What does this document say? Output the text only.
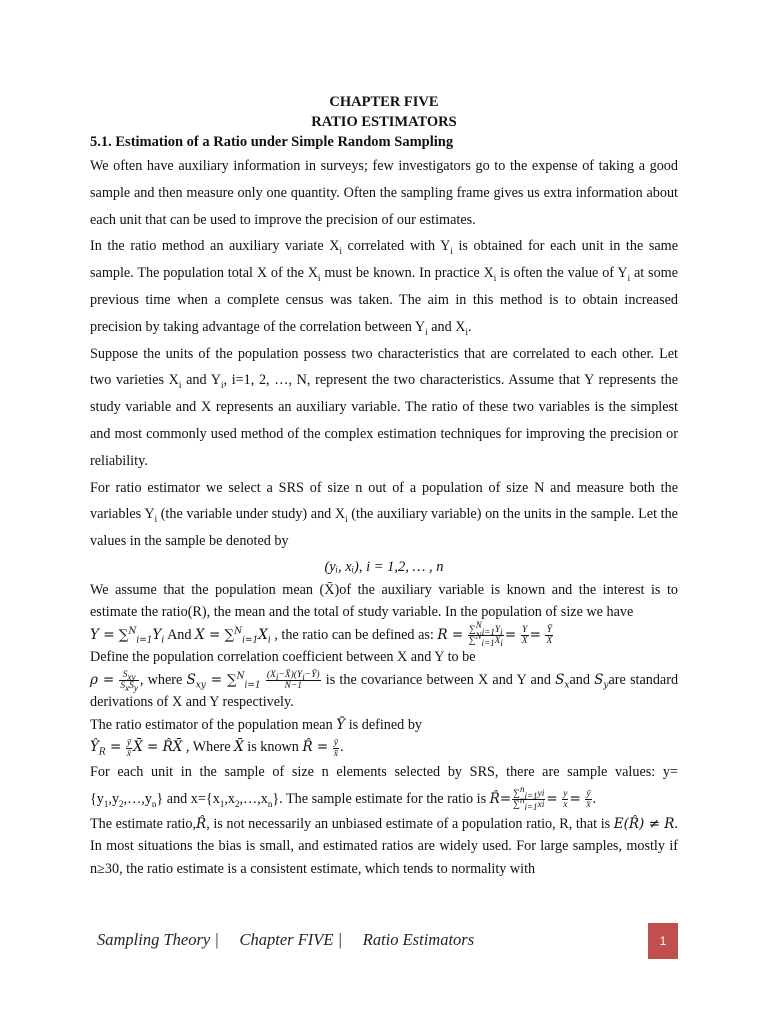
CHAPTER FIVE
RATIO ESTIMATORS
5.1. Estimation of a Ratio under Simple Random Sampling

We often have auxiliary information in surveys; few investigators go to the expense of taking a good sample and then measure only one quantity. Often the sampling frame gives us extra information about each unit that can be used to improve the precision of our estimates.

In the ratio method an auxiliary variate $X_i$ correlated with $Y_i$ is obtained for each unit in the same sample. The population total X of the $X_i$ must be known. In practice $X_i$ is often the value of $Y_i$ at some previous time when a complete census was taken. The aim in this method is to obtain increased precision by taking advantage of the correlation between $Y_i$ and $X_i$.

Suppose the units of the population possess two characteristics that are correlated to each other. Let two varieties $X_i$ and $Y_i$, i=1, 2, …, N, represent the two characteristics. Assume that Y represents the study variable and X represents an auxiliary variable. The ratio of these two variables is the simplest and most commonly used method of the complex estimation techniques for improving the precision or reliability.

For ratio estimator we select a SRS of size n out of a population of size N and measure both the variables $Y_i$ (the variable under study) and $X_i$ (the auxiliary variable) on the units in the sample. Let the values in the sample be denoted by

(yᵢ, xᵢ), i = 1,2, … , n

We assume that the population mean (X̄)of the auxiliary variable is known and the interest is to estimate the ratio(R), the mean and the total of study variable. In the population of size we have

$Y = \sum^N_{i=1}Y_i$ And $X = \sum^N_{i=1}X_i$ , the ratio can be defined as: $R = \frac{\sum^N_{i=1}Y_i}{\sum^N_{i=1}X_i} = \frac{Y}{X} = \frac{Ȳ}{X̄}$

Define the population correlation coefficient between X and Y to be

$\rho = \frac{S_{xy}}{S_xS_y}$ , where $S_{xy} = \sum^N_{i=1} \frac{(X_i-X̄)(Y_i-Ȳ)}{N-1}$ is the covariance between X and Y and $S_xand$ $S_yare$ standard derivations of X and Y respectively.

The ratio estimator of the population mean Ȳ is defined by

$Ŷ_R = \frac{ȳ}{x̄}$ X̄ = R̂X̄ , Where X̄ is known R̂ = $\frac{ȳ}{x̄}$ .

For each unit in the sample of size n elements selected by SRS, there are sample values: $y=\{y_1,y_2,\dots,y_n\}$ and $x=\{x_1,x_2,\dots,x_n\}$. The sample estimate for the ratio is R̂= $\frac{\sum^n_{i=1}yi}{\sum^n_{i=1}xi} = \frac{y}{x} = \frac{ȳ}{x̄}$ .

The estimate ratio,R̂, is not necessarily an unbiased estimate of a population ratio, R, that is E(R̂) ≠ R. In most situations the bias is small, and estimated ratios are widely used. For large samples, mostly if n≥30, the ratio estimate is a consistent estimate, which tends to normality with

Sampling Theory | Chapter FIVE | Ratio Estimators	1
